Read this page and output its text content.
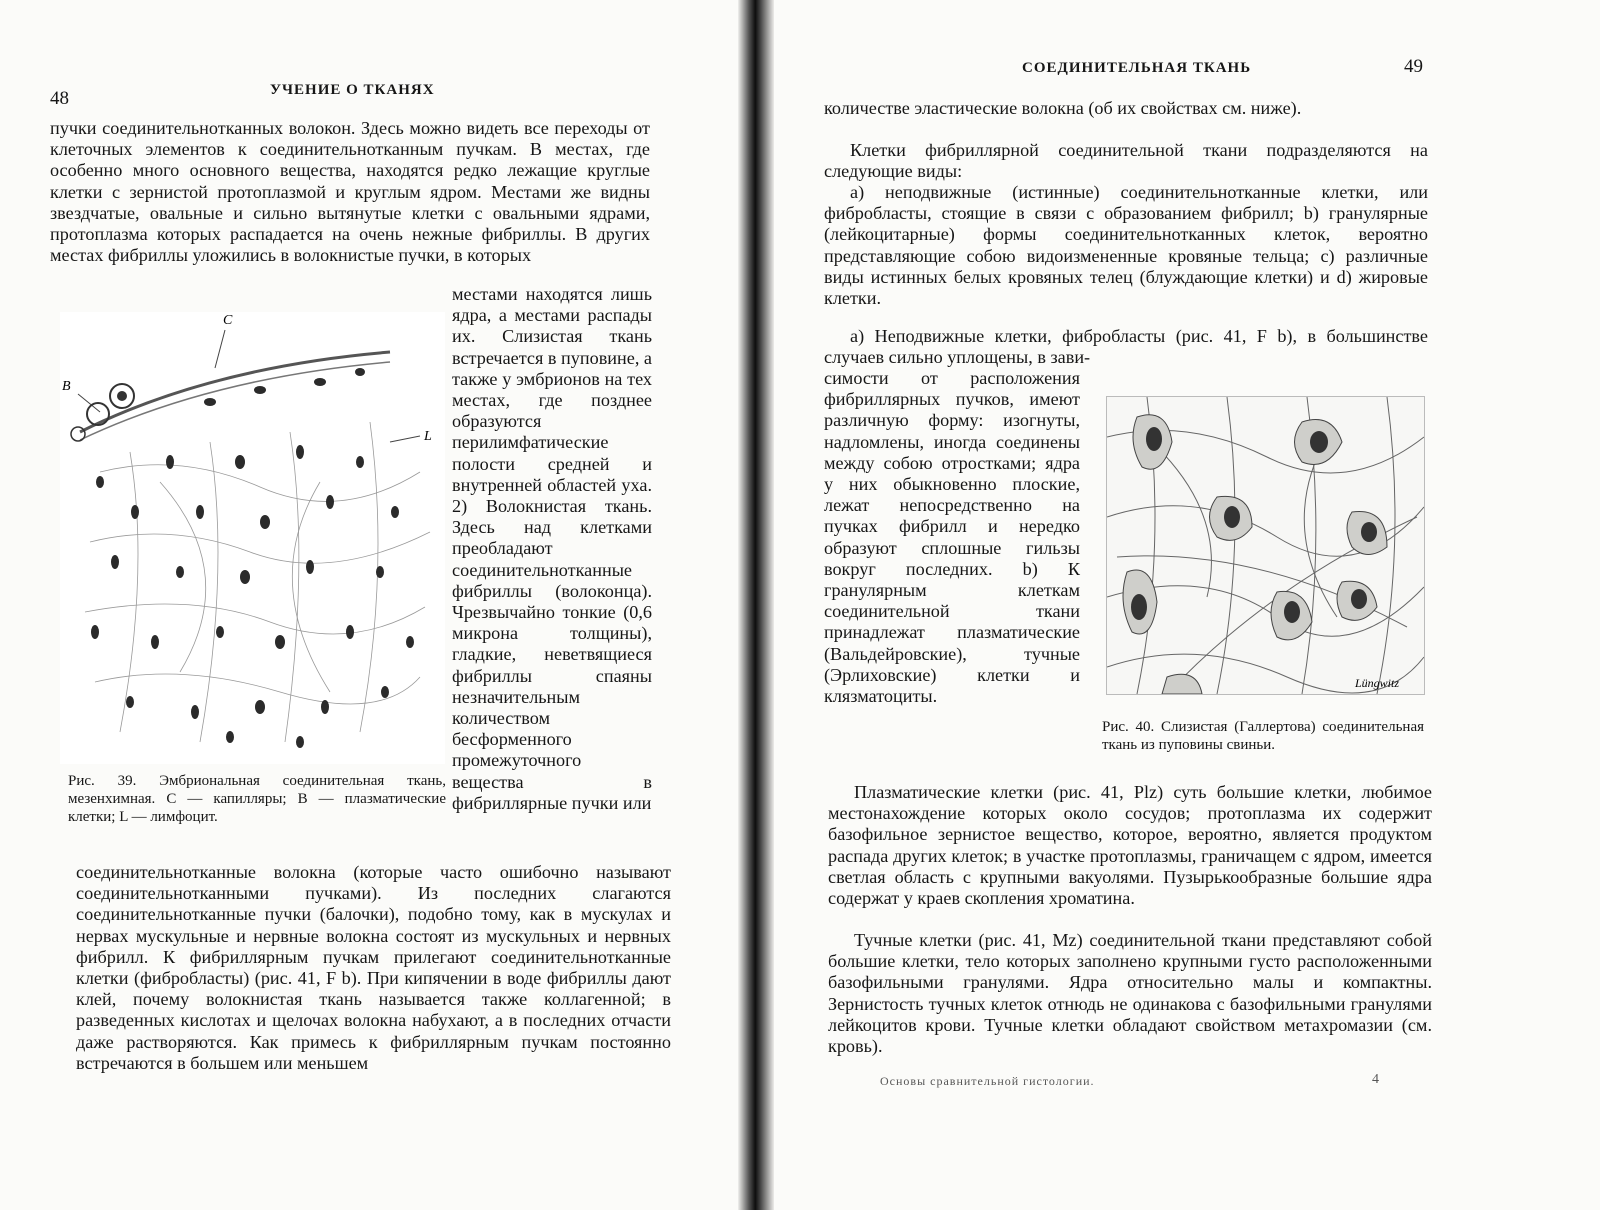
48	УЧЕНИЕ О ТКАНЯХ

пучки соединительнотканных волокон. Здесь можно видеть все переходы от клеточных элементов к соединительнотканным пучкам. В местах, где особенно много основного вещества, находятся редко лежащие круглые клетки с зернистой протоплазмой и круглым ядром. Местами же видны звездчатые, овальные и сильно вытянутые клетки с овальными ядрами, протоплазма которых распадается на очень нежные фибриллы. В других местах фибриллы уложились в волокнистые пучки, в которых

C
B
L

местами находятся лишь ядра, а местами распады их. Слизистая ткань встречается в пуповине, а также у эмбрионов на тех местах, где позднее образуются перилимфатические полости средней и внутренней областей уха. 2) Волокнистая ткань. Здесь над клетками преобладают соединительнотканные фибриллы (волоконца). Чрезвычайно тонкие (0,6 микрона толщины), гладкие, неветвящиеся фибриллы спаяны незначительным количеством бесформенного промежуточного вещества в фибриллярные пучки или

Рис. 39. Эмбриональная соединительная ткань, мезенхимная. C — капилляры; B — плазматические клетки; L — лимфоцит.

соединительнотканные волокна (которые часто ошибочно называют соединительнотканными пучками). Из последних слагаются соединительнотканные пучки (балочки), подобно тому, как в мускулах и нервах мускульные и нервные волокна состоят из мускульных и нервных фибрилл. К фибриллярным пучкам прилегают соединительнотканные клетки (фибробласты) (рис. 41, F b). При кипячении в воде фибриллы дают клей, почему волокнистая ткань называется также коллагенной; в разведенных кислотах и щелочах волокна набухают, а в последних отчасти даже растворяются. Как примесь к фибриллярным пучкам постоянно встречаются в большем или меньшем

СОЕДИНИТЕЛЬНАЯ ТКАНЬ	49

количестве эластические волокна (об их свойствах см. ниже).

Клетки фибриллярной соединительной ткани подразделяются на следующие виды:

а) неподвижные (истинные) соединительнотканные клетки, или фибробласты, стоящие в связи с образованием фибрилл; b) гранулярные (лейкоцитарные) формы соединительнотканных клеток, вероятно представляющие собою видоизмененные кровяные тельца; c) различные виды истинных белых кровяных телец (блуждающие клетки) и d) жировые клетки.

а) Неподвижные клетки, фибробласты (рис. 41, F b), в большинстве случаев сильно уплощены, в зави-

симости от расположения фибриллярных пучков, имеют различную форму: изогнуты, надломлены, иногда соединены между собою отростками; ядра у них обыкновенно плоские, лежат непосредственно на пучках фибрилл и нередко образуют сплошные гильзы вокруг последних. b) К гранулярным клеткам соединительной ткани принадлежат плазматические (Вальдейровские), тучные (Эрлиховские) клетки и клязматоциты.

Lüngwitz

Рис. 40. Слизистая (Галлертова) соединительная ткань из пуповины свиньи.

Плазматические клетки (рис. 41, Plz) суть большие клетки, любимое местонахождение которых около сосудов; протоплазма их содержит базофильное зернистое вещество, которое, вероятно, является продуктом распада других клеток; в участке протоплазмы, граничащем с ядром, имеется светлая область с крупными вакуолями. Пузырькообразные большие ядра содержат у краев скопления хроматина.

Тучные клетки (рис. 41, Mz) соединительной ткани представляют собой большие клетки, тело которых заполнено крупными густо расположенными базофильными гранулями. Ядра относительно малы и компактны. Зернистость тучных клеток отнюдь не одинакова с базофильными гранулями лейкоцитов крови. Тучные клетки обладают свойством метахромазии (см. кровь).

Основы сравнительной гистологии.	4
